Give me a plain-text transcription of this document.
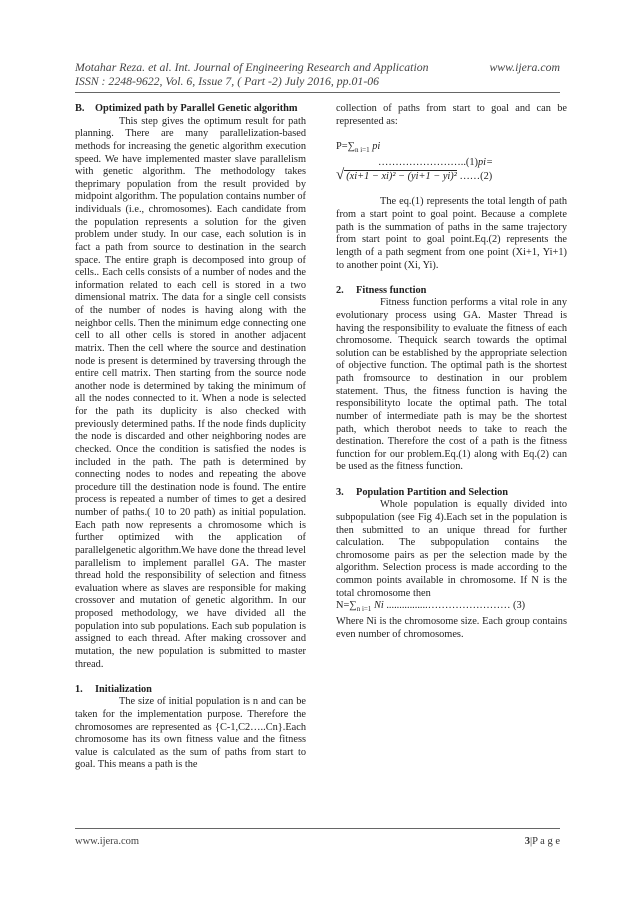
Motahar Reza. et al. Int. Journal of Engineering Research and Application	www.ijera.com
ISSN : 2248-9622, Vol. 6, Issue 7, ( Part -2) July 2016, pp.01-06
B.	Optimized path by Parallel Genetic algorithm

This step gives the optimum result for path planning. There are many parallelization-based methods for increasing the genetic algorithm execution speed. We have implemented master slave parallelism with genetic algorithm. The methodology takes theprimary population from the result provided by midpoint algorithm. The population contains number of individuals (i.e., chromosomes). Each candidate from the population represents a solution for the given problem under study. In our case, each solution is in fact a path from source to destination in the search space. The entire graph is decomposed into group of cells.. Each cells consists of a number of nodes and the information related to each cell is stored in a two dimensional matrix. The data for a single cell consists of the number of nodes is having along with the neighbor cells. Then the minimum edge connecting one cell to all other cells is stored in another adjacent matrix. Then the cell where the source and destination node is present is determined by traversing through the entire cell matrix. Then starting from the source node another node is determined by taking the minimum of all the nodes connected to it. When a node is selected for the path its duplicity is also checked with previously determined paths. If the node finds duplicity the node is discarded and other neighboring nodes are checked. Once the condition is satisfied the nodes is included in the path. The path is determined by connecting nodes to nodes and repeating the above procedure till the destination node is found. The entire process is repeated a number of times to get a desired number of paths.( 10 to 20 path) as initial population. Each path now represents a chromosome which is further optimized with the application of parallelgenetic algorithm.We have done the thread level parallelism to implement parallel GA. The master thread hold the responsibility of selection and fitness evaluation where as slaves are responsible for making crossover and mutation of genetic algorithm. In our proposed methodology, we have divided all the population into sub populations. Each sub population is assigned to each thread. After making crossover and mutation, the new population is submitted to master thread.

1.	Initialization

The size of initial population is n and can be taken for the implementation purpose. Therefore the chromosomes are represented as {C-1,C2…..Cn}.Each chromosome has its own fitness value and the fitness value is calculated as the sum of paths from start to goal. This means a path is the

collection of paths from start to goal and can be represented as:

$P=\sum_{n i=1}$ pi

……………………..(1)pi=

√ (xi+1 − xi)² − (yi+1 − yi)² ……(2)

The eq.(1) represents the total length of path from a start point to goal point. Because a complete path is the summation of paths in the same trajectory from start point to goal point.Eq.(2) represents the length of a path segment from one point (Xi+1, Yi+1) to another point (Xi, Yi).

2.	Fitness function

Fitness function performs a vital role in any evolutionary process using GA. Master Thread is having the responsibility to evaluate the fitness of each chromosome. Thequick search towards the optimal solution can be established by the appropriate selection of objective function. The optimal path is the shortest path fromsource to destination in our problem statement. Thus, the fitness function is having the responsibilityto locate the optimal path. The total number of intermediate path is may be the shortest path, which therobot needs to take to reach the destination. Therefore the cost of a path is the fitness function for our problem.Eq.(1) along with Eq.(2) can be used as the fitness function.

3.	Population Partition and Selection

Whole population is equally divided into subpopulation (see Fig 4).Each set in the population is then submitted to an unique thread for further calculation. The subpopulation contains the chromosome pairs as per the selection made by the algorithm. Selection process is made according to the common points available in chromosome. If N is the total chromosome then

$N=\sum_{n i=1}$ Ni ................…………………… (3)

Where Ni is the chromosome size. Each group contains even number of chromosomes.

www.ijera.com	3|P a g e
